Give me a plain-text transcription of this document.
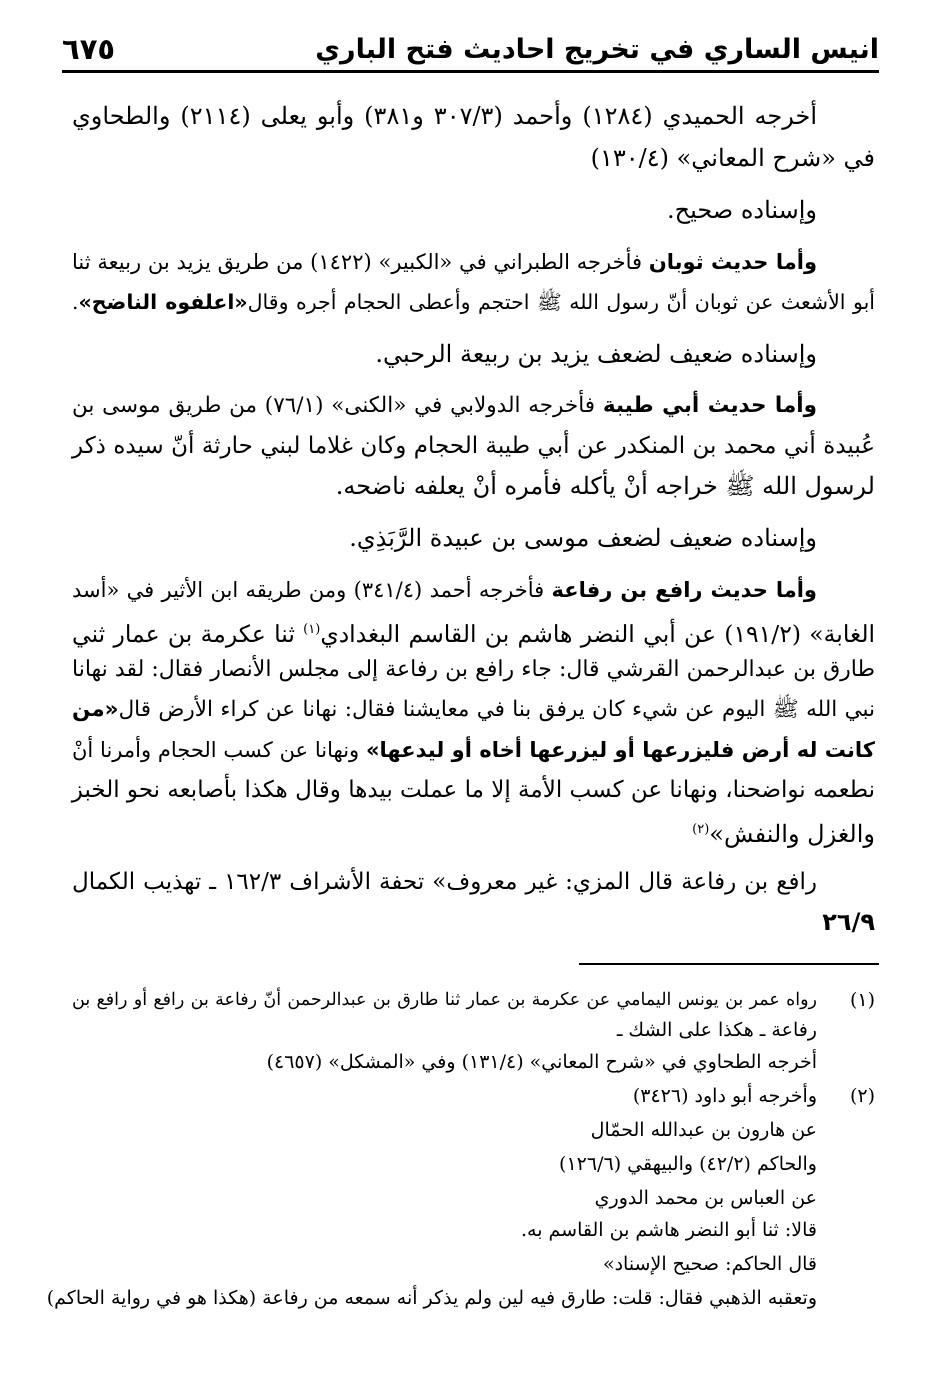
انيس الساري في تخريج احاديث فتح الباري
٦٧٥
أخرجه الحميدي (١٢٨٤) وأحمد (٣٠٧/٣ و٣٨١) وأبو يعلى (٢١١٤) والطحاوي
في «شرح المعاني» (١٣٠/٤)
وإسناده صحيح.
وأما حديث ثوبان فأخرجه الطبراني في «الكبير» (١٤٢٢) من طريق يزيد بن ربيعة ثنا
أبو الأشعث عن ثوبان أنّ رسول الله ﷺ احتجم وأعطى الحجام أجره وقال«اعلفوه الناضح».
وإسناده ضعيف لضعف يزيد بن ربيعة الرحبي.
وأما حديث أبي طيبة فأخرجه الدولابي في «الكنى» (٧٦/١) من طريق موسى بن
عُبيدة أني محمد بن المنكدر عن أبي طيبة الحجام وكان غلاما لبني حارثة أنّ سيده ذكر
لرسول الله ﷺ خراجه أنْ يأكله فأمره أنْ يعلفه ناضحه.
وإسناده ضعيف لضعف موسى بن عبيدة الرَّبَذِي.
وأما حديث رافع بن رفاعة فأخرجه أحمد (٣٤١/٤) ومن طريقه ابن الأثير في «أسد
الغابة» (١٩١/٢) عن أبي النضر هاشم بن القاسم البغدادي$^{(١)}$ ثنا عكرمة بن عمار ثني
طارق بن عبدالرحمن القرشي قال: جاء رافع بن رفاعة إلى مجلس الأنصار فقال: لقد نهانا
نبي الله ﷺ اليوم عن شيء كان يرفق بنا في معايشنا فقال: نهانا عن كراء الأرض قال«من
كانت له أرض فليزرعها أو ليزرعها أخاه أو ليدعها» ونهانا عن كسب الحجام وأمرنا أنْ
نطعمه نواضحنا، ونهانا عن كسب الأمة إلا ما عملت بيدها وقال هكذا بأصابعه نحو الخبز
والغزل والنفش»$^{(٢)}$
رافع بن رفاعة قال المزي: غير معروف» تحفة الأشراف ١٦٢/٣ ـ تهذيب الكمال
٢٦/٩
(١)
رواه عمر بن يونس اليمامي عن عكرمة بن عمار ثنا طارق بن عبدالرحمن أنّ رفاعة بن رافع أو رافع بن
رفاعة ـ هكذا على الشك ـ
أخرجه الطحاوي في «شرح المعاني» (١٣١/٤) وفي «المشكل» (٤٦٥٧)
(٢)
وأخرجه أبو داود (٣٤٢٦)
عن هارون بن عبدالله الحمّال
والحاكم (٤٢/٢) والبيهقي (١٢٦/٦)
عن العباس بن محمد الدوري
قالا: ثنا أبو النضر هاشم بن القاسم به.
قال الحاكم: صحيح الإسناد»
وتعقبه الذهبي فقال: قلت: طارق فيه لين ولم يذكر أنه سمعه من رفاعة (هكذا هو في رواية الحاكم)
